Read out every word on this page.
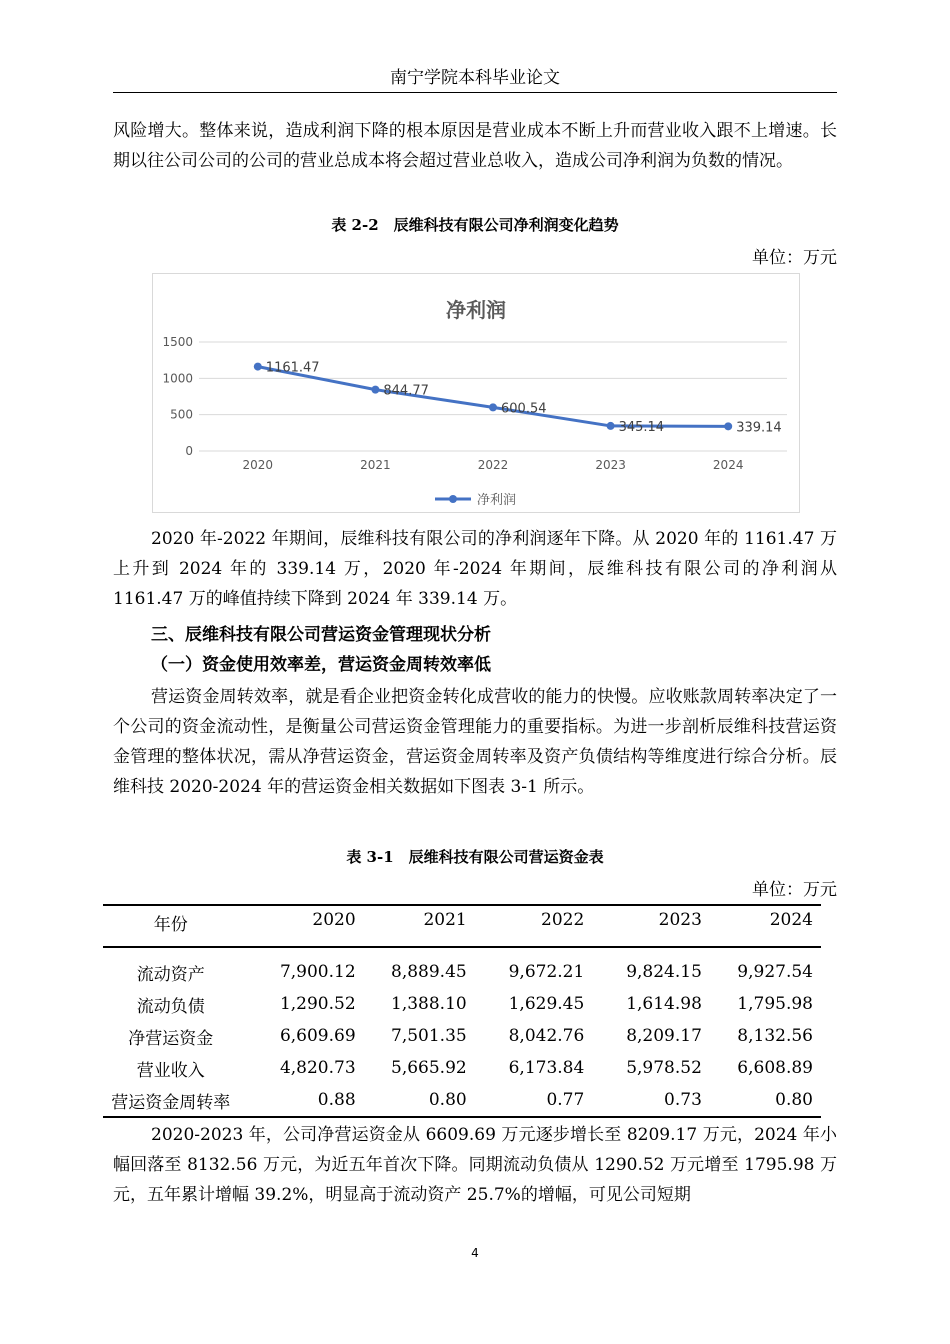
南宁学院本科毕业论文

风险增大。整体来说，造成利润下降的根本原因是营业成本不断上升而营业收入跟不上增速。长期以往公司公司的公司的营业总成本将会超过营业总收入，造成公司净利润为负数的情况。

表 2-2　辰维科技有限公司净利润变化趋势
单位：万元
净利润
0
500
1000
1500
2020	2021	2022	2023	2024
1161.47
844.77
600.54
345.14	339.14
净利润

2020 年-2022 年期间，辰维科技有限公司的净利润逐年下降。从 2020 年的 1161.47 万上升到 2024 年的 339.14 万，2020 年-2024 年期间，辰维科技有限公司的净利润从 1161.47 万的峰值持续下降到 2024 年 339.14 万。

三、辰维科技有限公司营运资金管理现状分析
（一）资金使用效率差，营运资金周转效率低

营运资金周转效率，就是看企业把资金转化成营收的能力的快慢。应收账款周转率决定了一个公司的资金流动性，是衡量公司营运资金管理能力的重要指标。为进一步剖析辰维科技营运资金管理的整体状况，需从净营运资金，营运资金周转率及资产负债结构等维度进行综合分析。辰维科技 2020-2024 年的营运资金相关数据如下图表 3-1 所示。

表 3-1　辰维科技有限公司营运资金表
单位：万元
年份	2020	2021	2022	2023	2024
流动资产	7,900.12	8,889.45	9,672.21	9,824.15	9,927.54
流动负债	1,290.52	1,388.10	1,629.45	1,614.98	1,795.98
净营运资金	6,609.69	7,501.35	8,042.76	8,209.17	8,132.56
营业收入	4,820.73	5,665.92	6,173.84	5,978.52	6,608.89
营运资金周转率	0.88	0.80	0.77	0.73	0.80

2020-2023 年，公司净营运资金从 6609.69 万元逐步增长至 8209.17 万元，2024 年小幅回落至 8132.56 万元，为近五年首次下降。同期流动负债从 1290.52 万元增至 1795.98 万元，五年累计增幅 39.2%，明显高于流动资产 25.7%的增幅，可见公司短期

4
